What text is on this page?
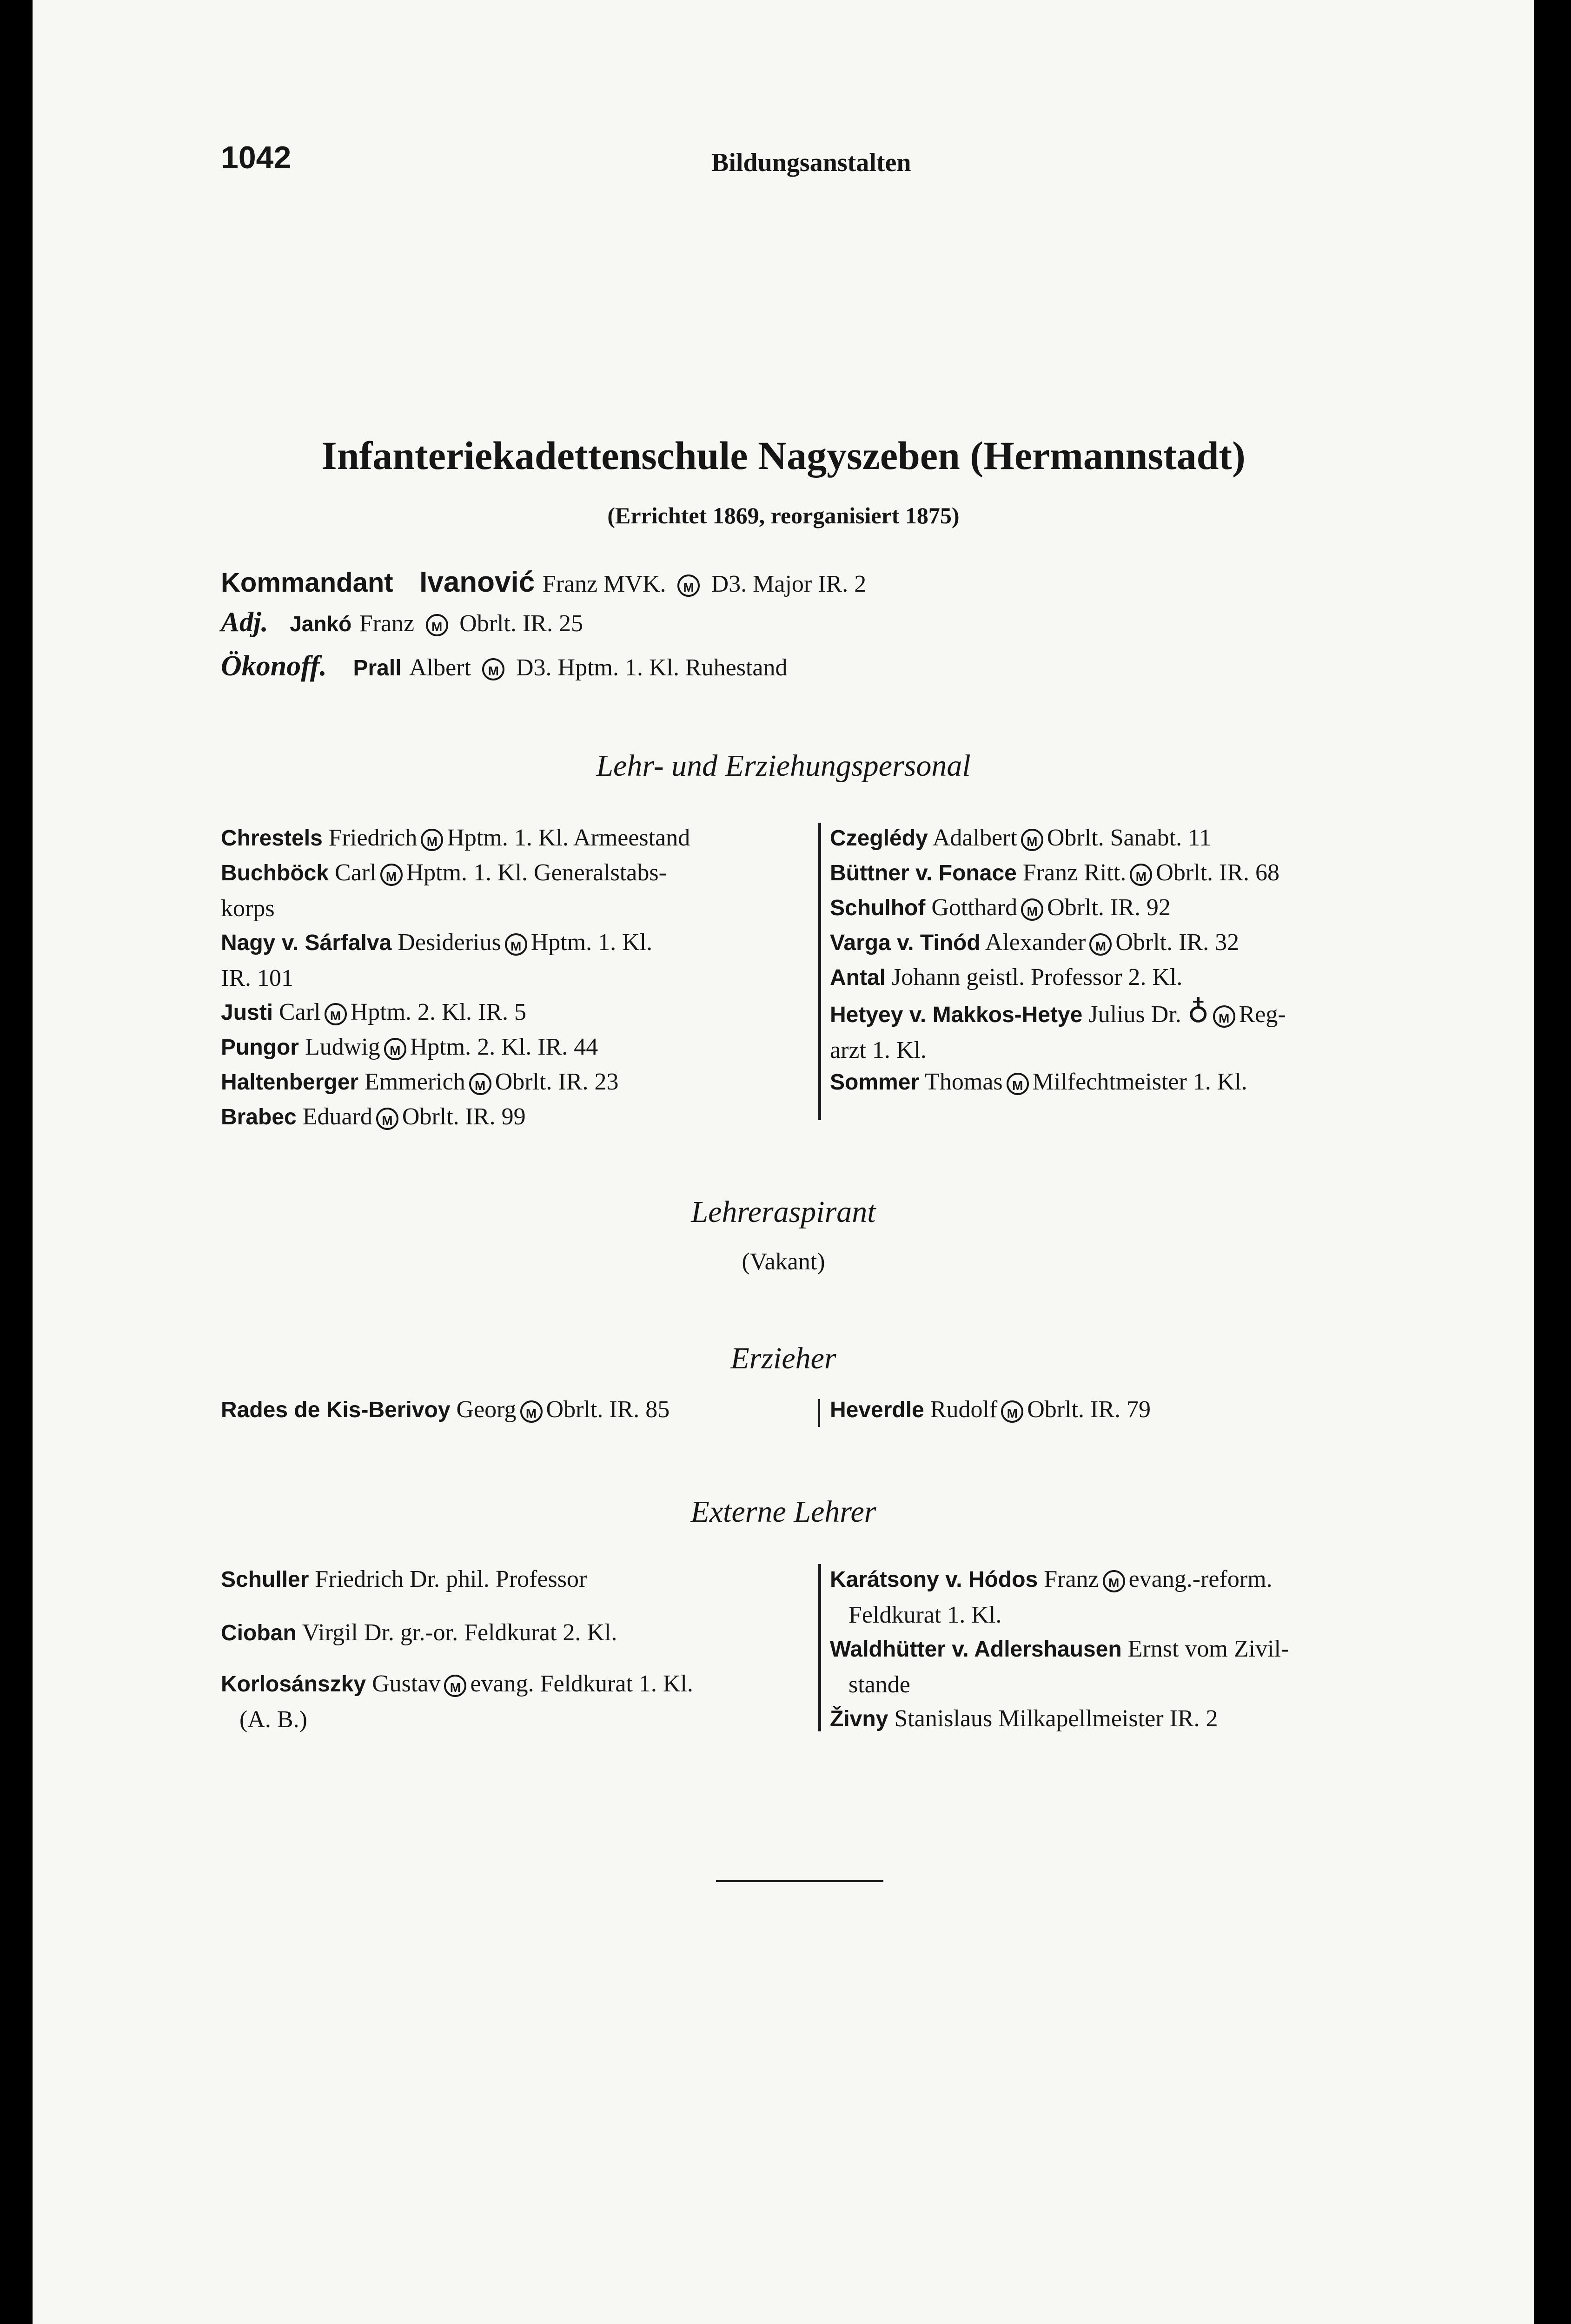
1042	Bildungsanstalten
Infanteriekadettenschule Nagyszeben (Hermannstadt)
(Errichtet 1869, reorganisiert 1875)
Kommandant Ivanović Franz MVK. M D3. Major IR. 2
Adj. Jankó Franz M Obrlt. IR. 25
Ökonoff. Prall Albert M D3. Hptm. 1. Kl. Ruhestand
Lehr- und Erziehungspersonal
Chrestels Friedrich M Hptm. 1. Kl. Armeestand
Buchböck Carl M Hptm. 1. Kl. Generalstabs-
korps
Nagy v. Sárfalva Desiderius M Hptm. 1. Kl.
IR. 101
Justi Carl M Hptm. 2. Kl. IR. 5
Pungor Ludwig M Hptm. 2. Kl. IR. 44
Haltenberger Emmerich M Obrlt. IR. 23
Brabec Eduard M Obrlt. IR. 99
Czeglédy Adalbert M Obrlt. Sanabt. 11
Büttner v. Fonace Franz Ritt. M Obrlt. IR. 68
Schulhof Gotthard M Obrlt. IR. 92
Varga v. Tinód Alexander M Obrlt. IR. 32
Antal Johann geistl. Professor 2. Kl.
Hetyey v. Makkos-Hetye Julius Dr. ♁ M Reg-
arzt 1. Kl.
Sommer Thomas M Milfechtmeister 1. Kl.
Lehreraspirant
(Vakant)
Erzieher
Rades de Kis-Berivoy Georg M Obrlt. IR. 85	Heverdle Rudolf M Obrlt. IR. 79
Externe Lehrer
Schuller Friedrich Dr. phil. Professor
Cioban Virgil Dr. gr.-or. Feldkurat 2. Kl.
Korlosánszky Gustav M evang. Feldkurat 1. Kl.
(A. B.)
Karátsony v. Hódos Franz M evang.-reform.
Feldkurat 1. Kl.
Waldhütter v. Adlershausen Ernst vom Zivil-
stande
Živny Stanislaus Milkapellmeister IR. 2
